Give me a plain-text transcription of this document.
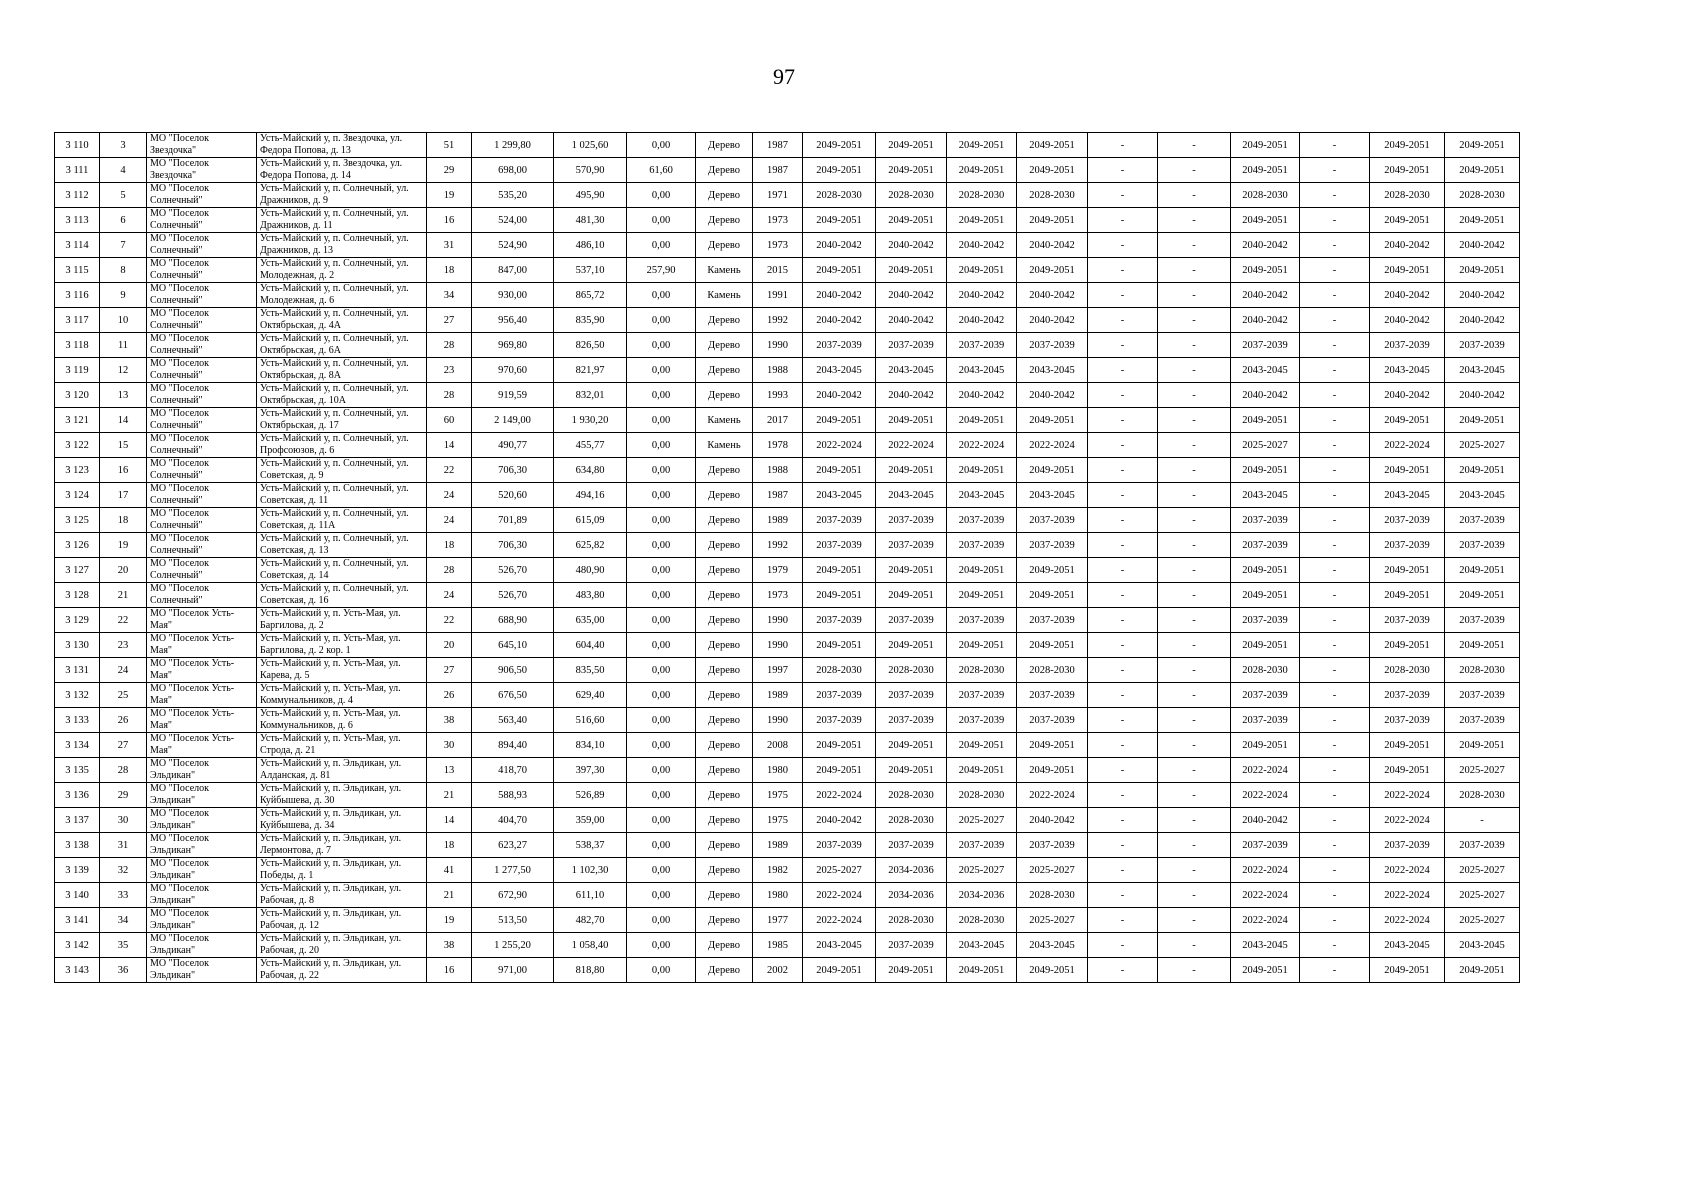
97
3 110	3	МО "Поселок Звездочка"	Усть-Майский у, п. Звездочка, ул. Федора Попова, д. 13	51	1 299,80	1 025,60	0,00	Дерево	1987	2049-2051	2049-2051	2049-2051	2049-2051	-	-	2049-2051	-	2049-2051	2049-2051
3 111	4	МО "Поселок Звездочка"	Усть-Майский у, п. Звездочка, ул. Федора Попова, д. 14	29	698,00	570,90	61,60	Дерево	1987	2049-2051	2049-2051	2049-2051	2049-2051	-	-	2049-2051	-	2049-2051	2049-2051
3 112	5	МО "Поселок Солнечный"	Усть-Майский у, п. Солнечный, ул. Дражников, д. 9	19	535,20	495,90	0,00	Дерево	1971	2028-2030	2028-2030	2028-2030	2028-2030	-	-	2028-2030	-	2028-2030	2028-2030
3 113	6	МО "Поселок Солнечный"	Усть-Майский у, п. Солнечный, ул. Дражников, д. 11	16	524,00	481,30	0,00	Дерево	1973	2049-2051	2049-2051	2049-2051	2049-2051	-	-	2049-2051	-	2049-2051	2049-2051
3 114	7	МО "Поселок Солнечный"	Усть-Майский у, п. Солнечный, ул. Дражников, д. 13	31	524,90	486,10	0,00	Дерево	1973	2040-2042	2040-2042	2040-2042	2040-2042	-	-	2040-2042	-	2040-2042	2040-2042
3 115	8	МО "Поселок Солнечный"	Усть-Майский у, п. Солнечный, ул. Молодежная, д. 2	18	847,00	537,10	257,90	Камень	2015	2049-2051	2049-2051	2049-2051	2049-2051	-	-	2049-2051	-	2049-2051	2049-2051
3 116	9	МО "Поселок Солнечный"	Усть-Майский у, п. Солнечный, ул. Молодежная, д. 6	34	930,00	865,72	0,00	Камень	1991	2040-2042	2040-2042	2040-2042	2040-2042	-	-	2040-2042	-	2040-2042	2040-2042
3 117	10	МО "Поселок Солнечный"	Усть-Майский у, п. Солнечный, ул. Октябрьская, д. 4А	27	956,40	835,90	0,00	Дерево	1992	2040-2042	2040-2042	2040-2042	2040-2042	-	-	2040-2042	-	2040-2042	2040-2042
3 118	11	МО "Поселок Солнечный"	Усть-Майский у, п. Солнечный, ул. Октябрьская, д. 6А	28	969,80	826,50	0,00	Дерево	1990	2037-2039	2037-2039	2037-2039	2037-2039	-	-	2037-2039	-	2037-2039	2037-2039
3 119	12	МО "Поселок Солнечный"	Усть-Майский у, п. Солнечный, ул. Октябрьская, д. 8А	23	970,60	821,97	0,00	Дерево	1988	2043-2045	2043-2045	2043-2045	2043-2045	-	-	2043-2045	-	2043-2045	2043-2045
3 120	13	МО "Поселок Солнечный"	Усть-Майский у, п. Солнечный, ул. Октябрьская, д. 10А	28	919,59	832,01	0,00	Дерево	1993	2040-2042	2040-2042	2040-2042	2040-2042	-	-	2040-2042	-	2040-2042	2040-2042
3 121	14	МО "Поселок Солнечный"	Усть-Майский у, п. Солнечный, ул. Октябрьская, д. 17	60	2 149,00	1 930,20	0,00	Камень	2017	2049-2051	2049-2051	2049-2051	2049-2051	-	-	2049-2051	-	2049-2051	2049-2051
3 122	15	МО "Поселок Солнечный"	Усть-Майский у, п. Солнечный, ул. Профсоюзов, д. 6	14	490,77	455,77	0,00	Камень	1978	2022-2024	2022-2024	2022-2024	2022-2024	-	-	2025-2027	-	2022-2024	2025-2027
3 123	16	МО "Поселок Солнечный"	Усть-Майский у, п. Солнечный, ул. Советская, д. 9	22	706,30	634,80	0,00	Дерево	1988	2049-2051	2049-2051	2049-2051	2049-2051	-	-	2049-2051	-	2049-2051	2049-2051
3 124	17	МО "Поселок Солнечный"	Усть-Майский у, п. Солнечный, ул. Советская, д. 11	24	520,60	494,16	0,00	Дерево	1987	2043-2045	2043-2045	2043-2045	2043-2045	-	-	2043-2045	-	2043-2045	2043-2045
3 125	18	МО "Поселок Солнечный"	Усть-Майский у, п. Солнечный, ул. Советская, д. 11А	24	701,89	615,09	0,00	Дерево	1989	2037-2039	2037-2039	2037-2039	2037-2039	-	-	2037-2039	-	2037-2039	2037-2039
3 126	19	МО "Поселок Солнечный"	Усть-Майский у, п. Солнечный, ул. Советская, д. 13	18	706,30	625,82	0,00	Дерево	1992	2037-2039	2037-2039	2037-2039	2037-2039	-	-	2037-2039	-	2037-2039	2037-2039
3 127	20	МО "Поселок Солнечный"	Усть-Майский у, п. Солнечный, ул. Советская, д. 14	28	526,70	480,90	0,00	Дерево	1979	2049-2051	2049-2051	2049-2051	2049-2051	-	-	2049-2051	-	2049-2051	2049-2051
3 128	21	МО "Поселок Солнечный"	Усть-Майский у, п. Солнечный, ул. Советская, д. 16	24	526,70	483,80	0,00	Дерево	1973	2049-2051	2049-2051	2049-2051	2049-2051	-	-	2049-2051	-	2049-2051	2049-2051
3 129	22	МО "Поселок Усть-Мая"	Усть-Майский у, п. Усть-Мая, ул. Баргилова, д. 2	22	688,90	635,00	0,00	Дерево	1990	2037-2039	2037-2039	2037-2039	2037-2039	-	-	2037-2039	-	2037-2039	2037-2039
3 130	23	МО "Поселок Усть-Мая"	Усть-Майский у, п. Усть-Мая, ул. Баргилова, д. 2 кор. 1	20	645,10	604,40	0,00	Дерево	1990	2049-2051	2049-2051	2049-2051	2049-2051	-	-	2049-2051	-	2049-2051	2049-2051
3 131	24	МО "Поселок Усть-Мая"	Усть-Майский у, п. Усть-Мая, ул. Карева, д. 5	27	906,50	835,50	0,00	Дерево	1997	2028-2030	2028-2030	2028-2030	2028-2030	-	-	2028-2030	-	2028-2030	2028-2030
3 132	25	МО "Поселок Усть-Мая"	Усть-Майский у, п. Усть-Мая, ул. Коммунальников, д. 4	26	676,50	629,40	0,00	Дерево	1989	2037-2039	2037-2039	2037-2039	2037-2039	-	-	2037-2039	-	2037-2039	2037-2039
3 133	26	МО "Поселок Усть-Мая"	Усть-Майский у, п. Усть-Мая, ул. Коммунальников, д. 6	38	563,40	516,60	0,00	Дерево	1990	2037-2039	2037-2039	2037-2039	2037-2039	-	-	2037-2039	-	2037-2039	2037-2039
3 134	27	МО "Поселок Усть-Мая"	Усть-Майский у, п. Усть-Мая, ул. Строда, д. 21	30	894,40	834,10	0,00	Дерево	2008	2049-2051	2049-2051	2049-2051	2049-2051	-	-	2049-2051	-	2049-2051	2049-2051
3 135	28	МО "Поселок Эльдикан"	Усть-Майский у, п. Эльдикан, ул. Алданская, д. 81	13	418,70	397,30	0,00	Дерево	1980	2049-2051	2049-2051	2049-2051	2049-2051	-	-	2022-2024	-	2049-2051	2025-2027
3 136	29	МО "Поселок Эльдикан"	Усть-Майский у, п. Эльдикан, ул. Куйбышева, д. 30	21	588,93	526,89	0,00	Дерево	1975	2022-2024	2028-2030	2028-2030	2022-2024	-	-	2022-2024	-	2022-2024	2028-2030
3 137	30	МО "Поселок Эльдикан"	Усть-Майский у, п. Эльдикан, ул. Куйбышева, д. 34	14	404,70	359,00	0,00	Дерево	1975	2040-2042	2028-2030	2025-2027	2040-2042	-	-	2040-2042	-	2022-2024	-
3 138	31	МО "Поселок Эльдикан"	Усть-Майский у, п. Эльдикан, ул. Лермонтова, д. 7	18	623,27	538,37	0,00	Дерево	1989	2037-2039	2037-2039	2037-2039	2037-2039	-	-	2037-2039	-	2037-2039	2037-2039
3 139	32	МО "Поселок Эльдикан"	Усть-Майский у, п. Эльдикан, ул. Победы, д. 1	41	1 277,50	1 102,30	0,00	Дерево	1982	2025-2027	2034-2036	2025-2027	2025-2027	-	-	2022-2024	-	2022-2024	2025-2027
3 140	33	МО "Поселок Эльдикан"	Усть-Майский у, п. Эльдикан, ул. Рабочая, д. 8	21	672,90	611,10	0,00	Дерево	1980	2022-2024	2034-2036	2034-2036	2028-2030	-	-	2022-2024	-	2022-2024	2025-2027
3 141	34	МО "Поселок Эльдикан"	Усть-Майский у, п. Эльдикан, ул. Рабочая, д. 12	19	513,50	482,70	0,00	Дерево	1977	2022-2024	2028-2030	2028-2030	2025-2027	-	-	2022-2024	-	2022-2024	2025-2027
3 142	35	МО "Поселок Эльдикан"	Усть-Майский у, п. Эльдикан, ул. Рабочая, д. 20	38	1 255,20	1 058,40	0,00	Дерево	1985	2043-2045	2037-2039	2043-2045	2043-2045	-	-	2043-2045	-	2043-2045	2043-2045
3 143	36	МО "Поселок Эльдикан"	Усть-Майский у, п. Эльдикан, ул. Рабочая, д. 22	16	971,00	818,80	0,00	Дерево	2002	2049-2051	2049-2051	2049-2051	2049-2051	-	-	2049-2051	-	2049-2051	2049-2051
